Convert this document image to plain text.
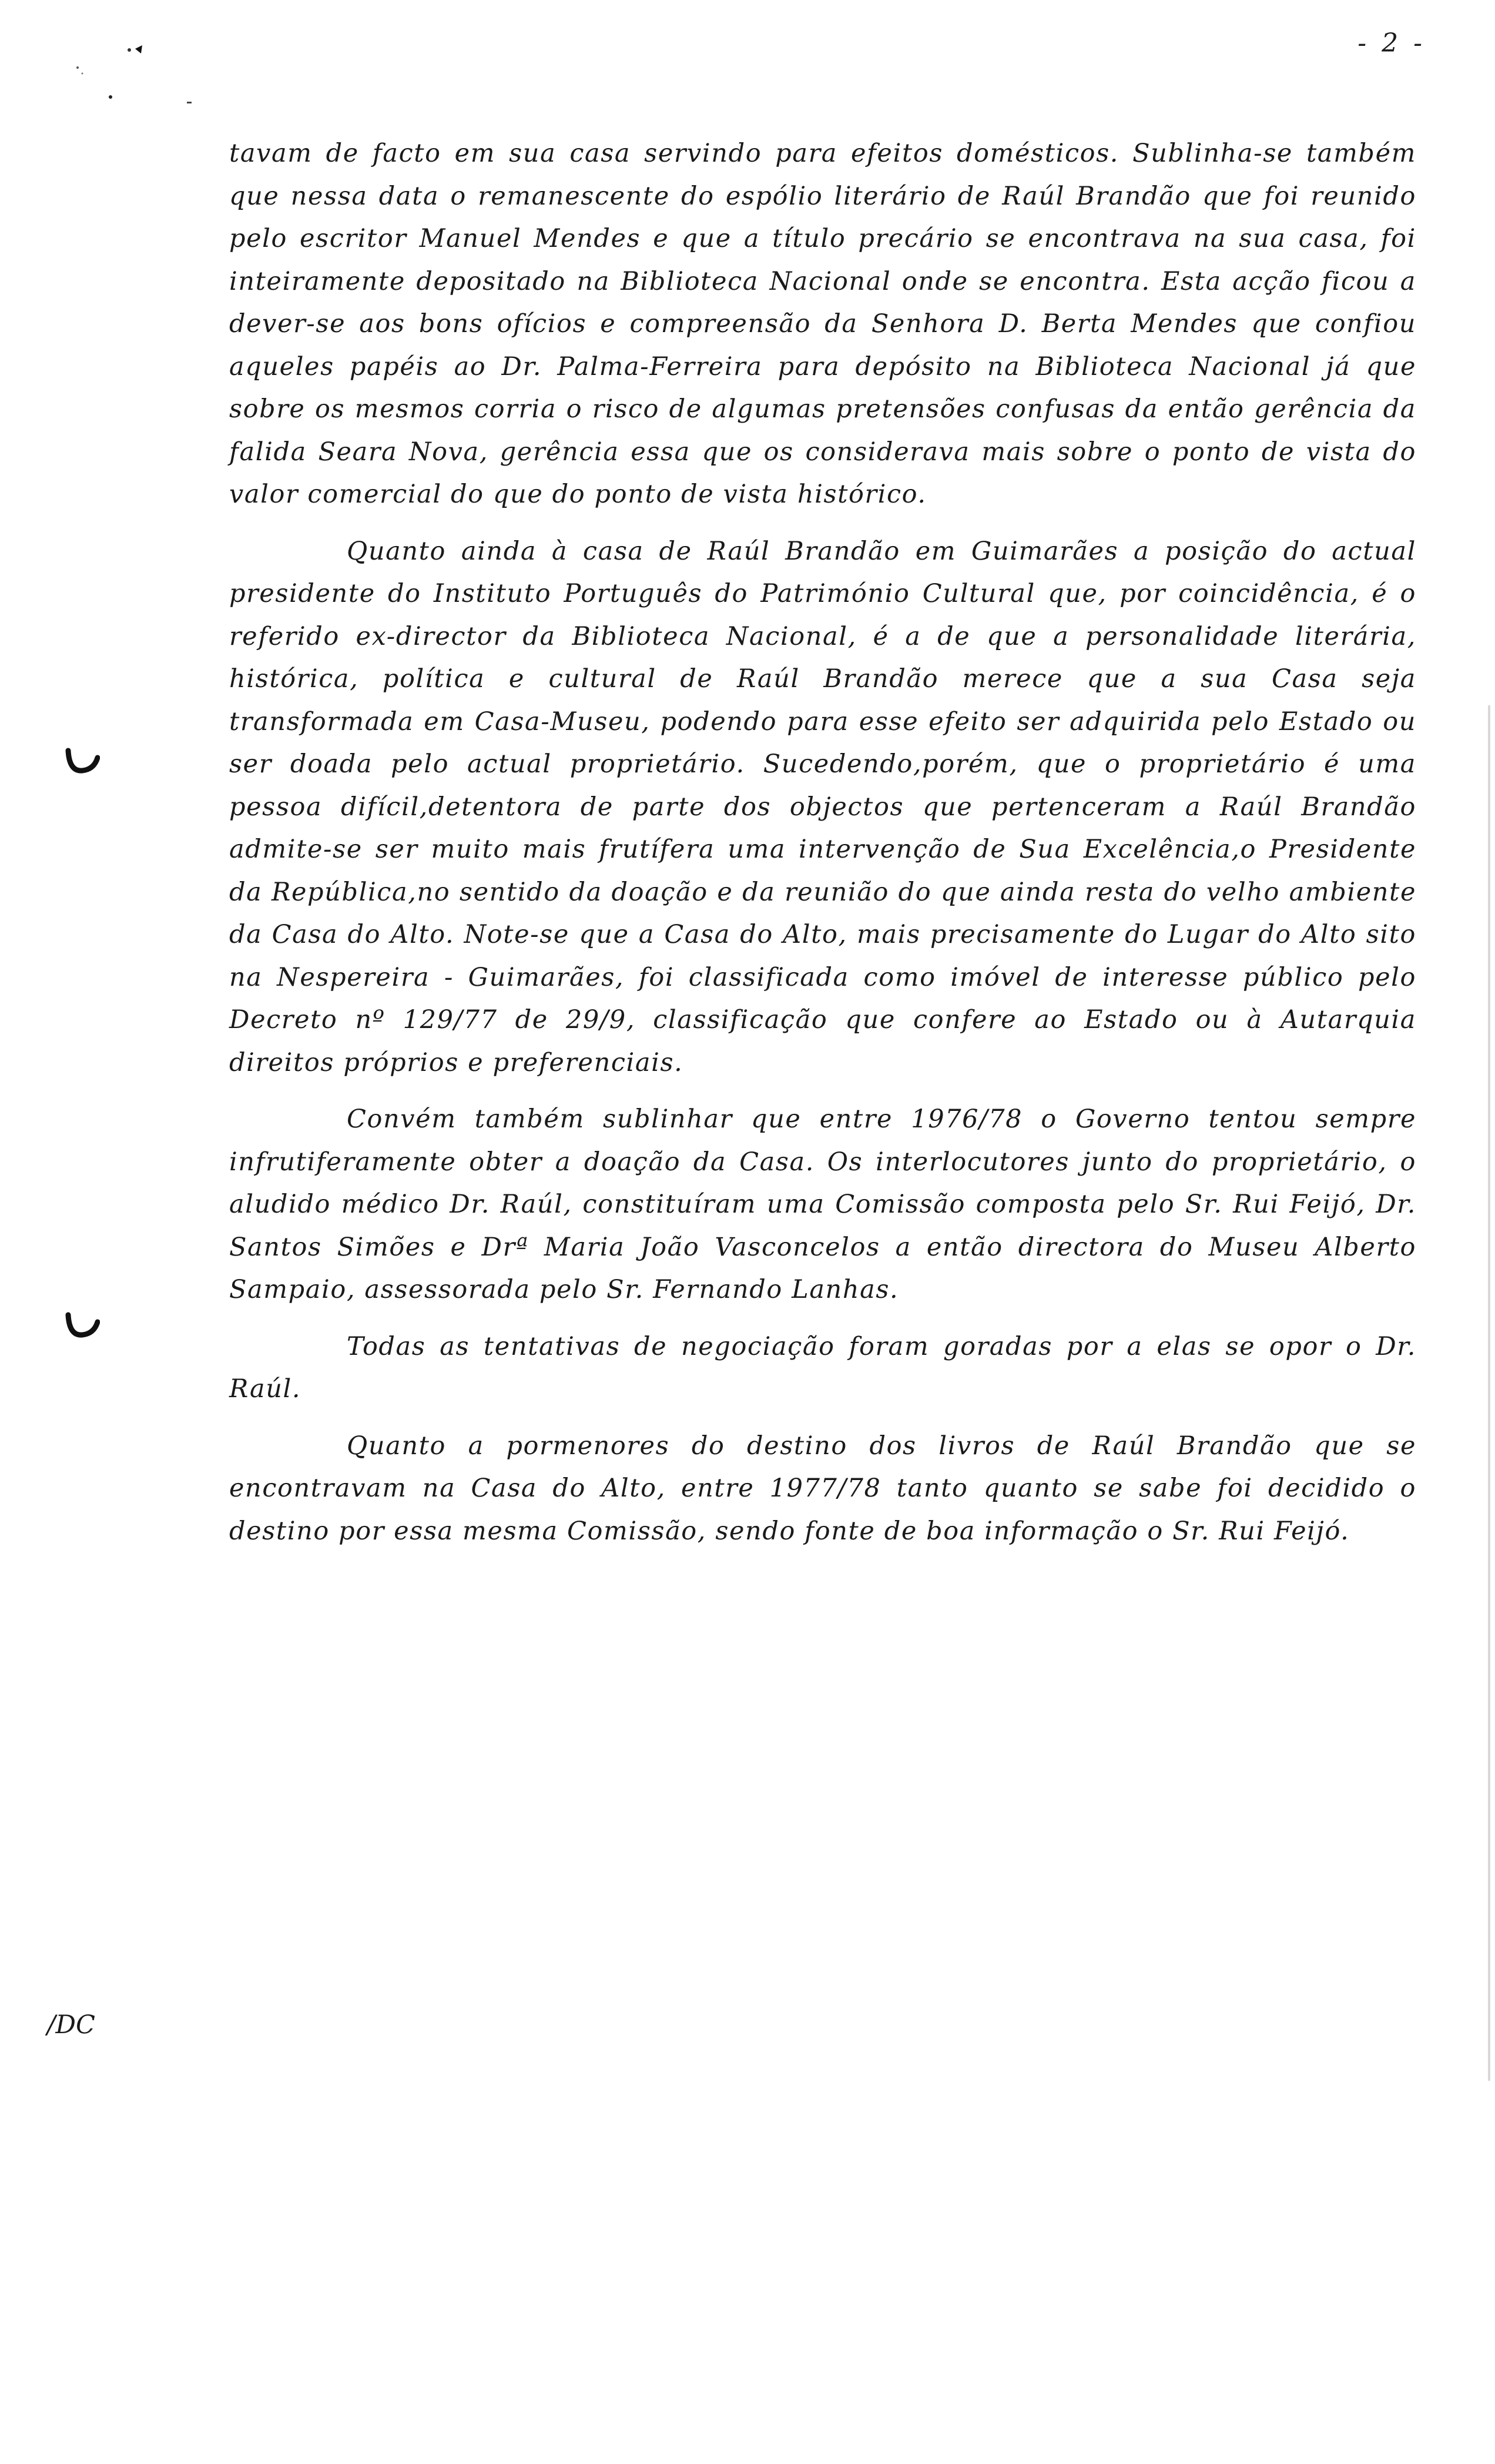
- 2 -

tavam de facto em sua casa servindo para efeitos domésticos. Sublinha-se também que nessa data o remanescente do espólio literário de Raúl Brandão que foi reunido pelo escritor Manuel Mendes e que a título precário se encontrava na sua casa, foi inteiramente depositado na Biblioteca Nacional onde se encontra. Esta acção ficou a dever-se aos bons ofícios e compreensão da Senhora D. Berta Mendes que confiou aqueles papéis ao Dr. Palma-Ferreira para depósito na Biblioteca Nacional já que sobre os mesmos corria o risco de algumas pretensões confusas da então gerência da falida Seara Nova, gerência essa que os considerava mais sobre o ponto de vista do valor comercial do que do ponto de vista histórico.

Quanto ainda à casa de Raúl Brandão em Guimarães a posição do actual presidente do Instituto Português do Património Cultural que, por coincidência, é o referido ex-director da Biblioteca Nacional, é a de que a personalidade literária, histórica, política e cultural de Raúl Brandão merece que a sua Casa seja transformada em Casa-Museu, podendo para esse efeito ser adquirida pelo Estado ou ser doada pelo actual proprietário. Sucedendo,porém, que o proprietário é uma pessoa difícil,detentora de parte dos objectos que pertenceram a Raúl Brandão admite-se ser muito mais frutífera uma intervenção de Sua Excelência,o Presidente da República,no sentido da doação e da reunião do que ainda resta do velho ambiente da Casa do Alto. Note-se que a Casa do Alto, mais precisamente do Lugar do Alto sito na Nespereira - Guimarães, foi classificada como imóvel de interesse público pelo Decreto nº 129/77 de 29/9, classificação que confere ao Estado ou à Autarquia direitos próprios e preferenciais.

Convém também sublinhar que entre 1976/78 o Governo tentou sempre infrutiferamente obter a doação da Casa. Os interlocutores junto do proprietário, o aludido médico Dr. Raúl, constituíram uma Comissão composta pelo Sr. Rui Feijó, Dr. Santos Simões e Drª Maria João Vasconcelos a então directora do Museu Alberto Sampaio, assessorada pelo Sr. Fernando Lanhas.

Todas as tentativas de negociação foram goradas por a elas se opor o Dr. Raúl.

Quanto a pormenores do destino dos livros de Raúl Brandão que se encontravam na Casa do Alto, entre 1977/78 tanto quanto se sabe foi decidido o destino por essa mesma Comissão, sendo fonte de boa informação o Sr. Rui Feijó.

/DC
